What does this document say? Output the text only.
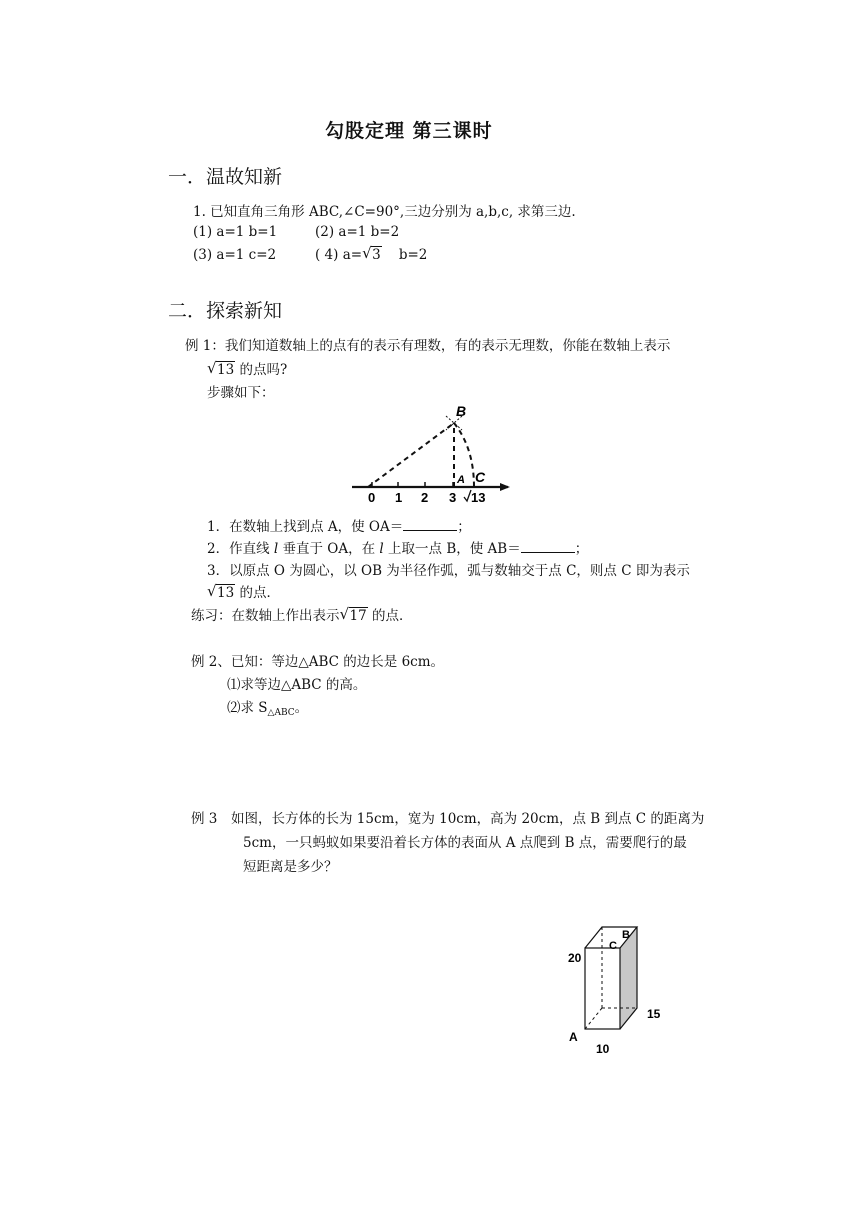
勾股定理 第三课时
一．温故知新
1. 已知直角三角形 ABC,∠C=90°,三边分别为 a,b,c, 求第三边.
(1) a=1 b=1	(2) a=1 b=2
(3) a=1 c=2	( 4) a= √ 3 b=2
二．探索新知
例 1：我们知道数轴上的点有的表示有理数，有的表示无理数，你能在数轴上表示
√ 13 的点吗?
步骤如下：
B
A C
0 1 2 3 13
1．在数轴上找到点 A，使 OA＝	；
2．作直线 l 垂直于 OA，在 l 上取一点 B，使 AB＝	；
3．以原点 O 为圆心，以 OB 为半径作弧，弧与数轴交于点 C，则点 C 即为表示
√ 13 的点．
练习：在数轴上作出表示 √ 17 的点．
例 2、已知：等边△ABC 的边长是 6cm。
⑴求等边△ABC 的高。
⑵求 $S_{\triangle ABC}$。
例 3 如图，长方体的长为 15cm，宽为 10cm，高为 20cm，点 B 到点 C 的距离为
5cm，一只蚂蚁如果要沿着长方体的表面从 A 点爬到 B 点，需要爬行的最
短距离是多少？
20
15
10
A
B
C
